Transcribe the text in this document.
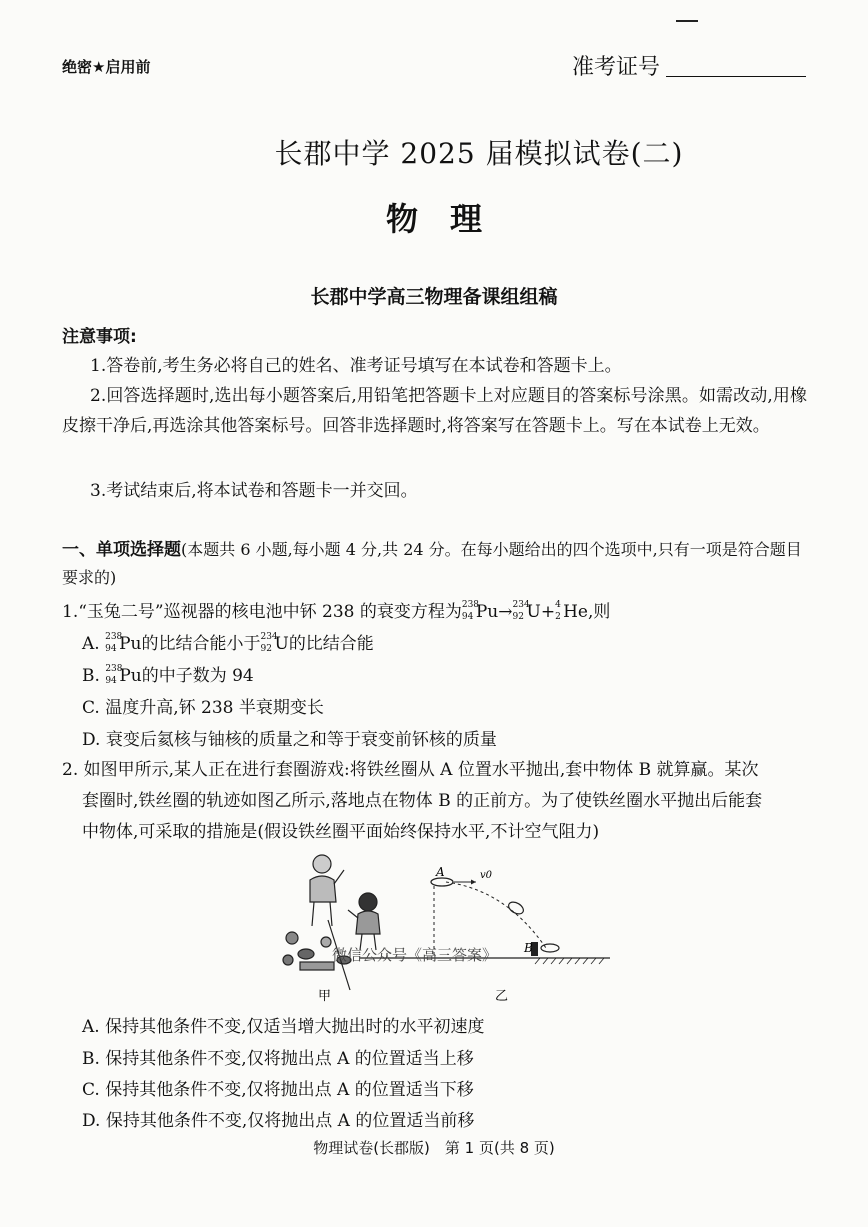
绝密★启用前	准考证号
长郡中学 2025 届模拟试卷(二)
物　理
长郡中学高三物理备课组组稿
注意事项:
1.答卷前,考生务必将自己的姓名、准考证号填写在本试卷和答题卡上。
2.回答选择题时,选出每小题答案后,用铅笔把答题卡上对应题目的答案标号涂黑。如需改动,用橡皮擦干净后,再选涂其他答案标号。回答非选择题时,将答案写在答题卡上。写在本试卷上无效。
3.考试结束后,将本试卷和答题卡一并交回。
一、单项选择题(本题共 6 小题,每小题 4 分,共 24 分。在每小题给出的四个选项中,只有一项是符合题目要求的)
1.“玉兔二号”巡视器的核电池中钚 238 的衰变方程为 238
94 Pu→ 234
92 U+ 4
2 He,则
A. 238
94 Pu的比结合能小于 234
92 U的比结合能
B. 238
94 Pu的中子数为 94
C. 温度升高,钚 238 半衰期变长
D. 衰变后氦核与铀核的质量之和等于衰变前钚核的质量
2. 如图甲所示,某人正在进行套圈游戏:将铁丝圈从 A 位置水平抛出,套中物体 B 就算赢。某次
套圈时,铁丝圈的轨迹如图乙所示,落地点在物体 B 的正前方。为了使铁丝圈水平抛出后能套
中物体,可采取的措施是(假设铁丝圈平面始终保持水平,不计空气阻力)
A
B
v0
甲	乙
微信公众号《高三答案》
A. 保持其他条件不变,仅适当增大抛出时的水平初速度
B. 保持其他条件不变,仅将抛出点 A 的位置适当上移
C. 保持其他条件不变,仅将抛出点 A 的位置适当下移
D. 保持其他条件不变,仅将抛出点 A 的位置适当前移
物理试卷(长郡版)　第 1 页(共 8 页)
